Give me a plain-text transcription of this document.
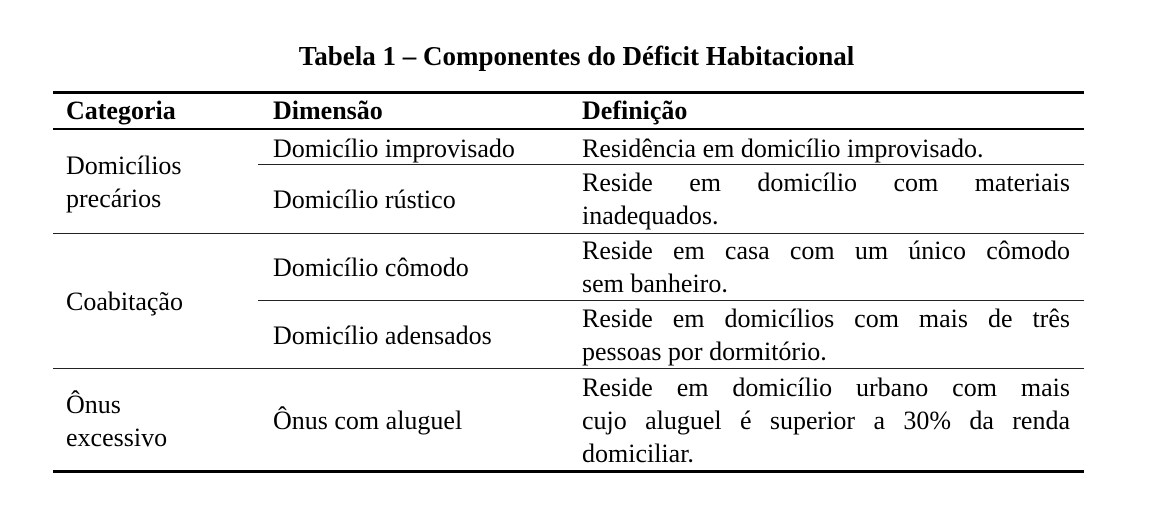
Tabela 1 – Componentes do Déficit Habitacional
Categoria	Dimensão	Definição
Domicílios
precários
Coabitação
Ônus
excessivo
Domicílio improvisado
Domicílio rústico
Domicílio cômodo
Domicílio adensados
Ônus com aluguel
Residência em domicílio improvisado.
Reside em domicílio com materiais
inadequados.
Reside em casa com um único cômodo
sem banheiro.
Reside em domicílios com mais de três
pessoas por dormitório.
Reside em domicílio urbano com mais
cujo aluguel é superior a 30% da renda
domiciliar.
